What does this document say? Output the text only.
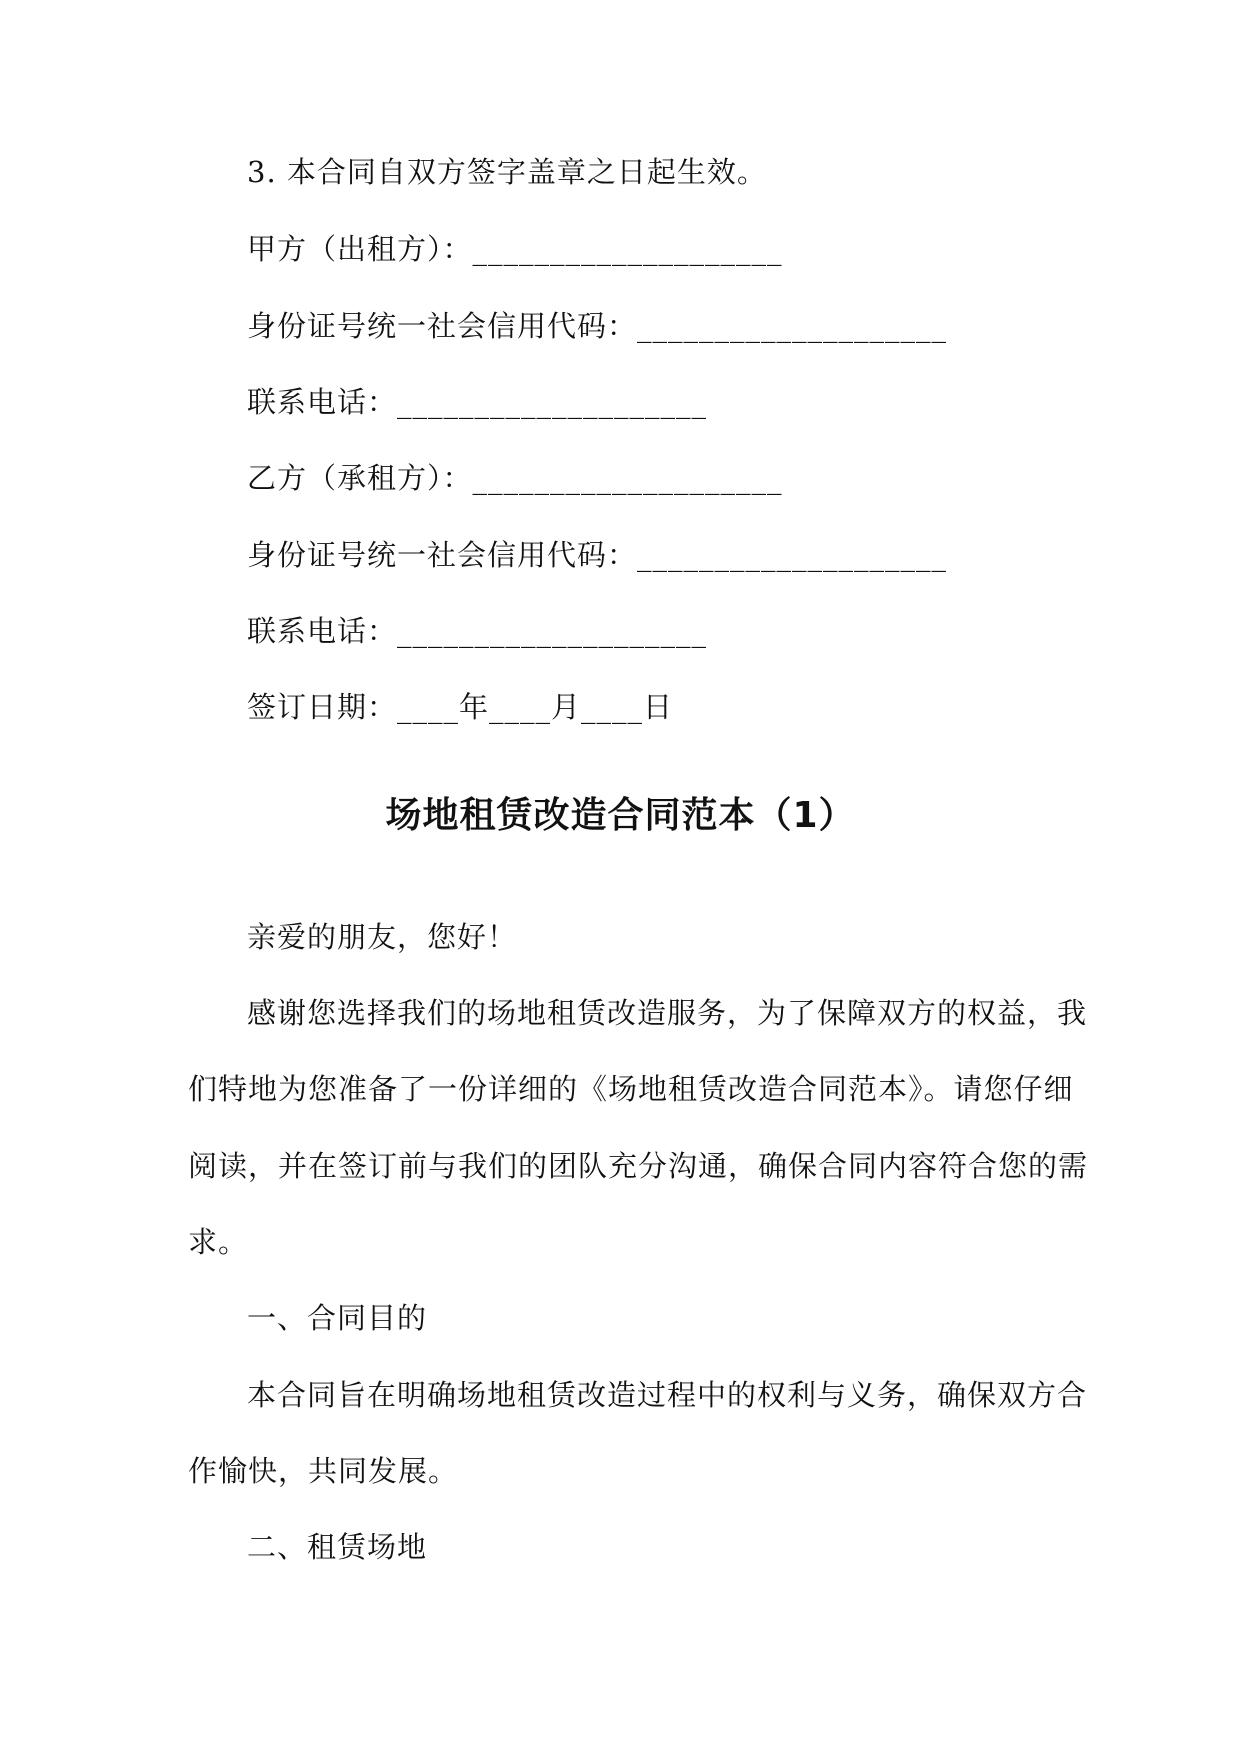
3. 本合同自双方签字盖章之日起生效。
甲方（出租方）：____________________
身份证号统一社会信用代码：____________________
联系电话：____________________
乙方（承租方）：____________________
身份证号统一社会信用代码：____________________
联系电话：____________________
签订日期：____年____月____日
场地租赁改造合同范本（1）
亲爱的朋友，您好！
感谢您选择我们的场地租赁改造服务，为了保障双方的权益，我
们特地为您准备了一份详细的《场地租赁改造合同范本》。请您仔细
阅读，并在签订前与我们的团队充分沟通，确保合同内容符合您的需
求。
一、合同目的
本合同旨在明确场地租赁改造过程中的权利与义务，确保双方合
作愉快，共同发展。
二、租赁场地
